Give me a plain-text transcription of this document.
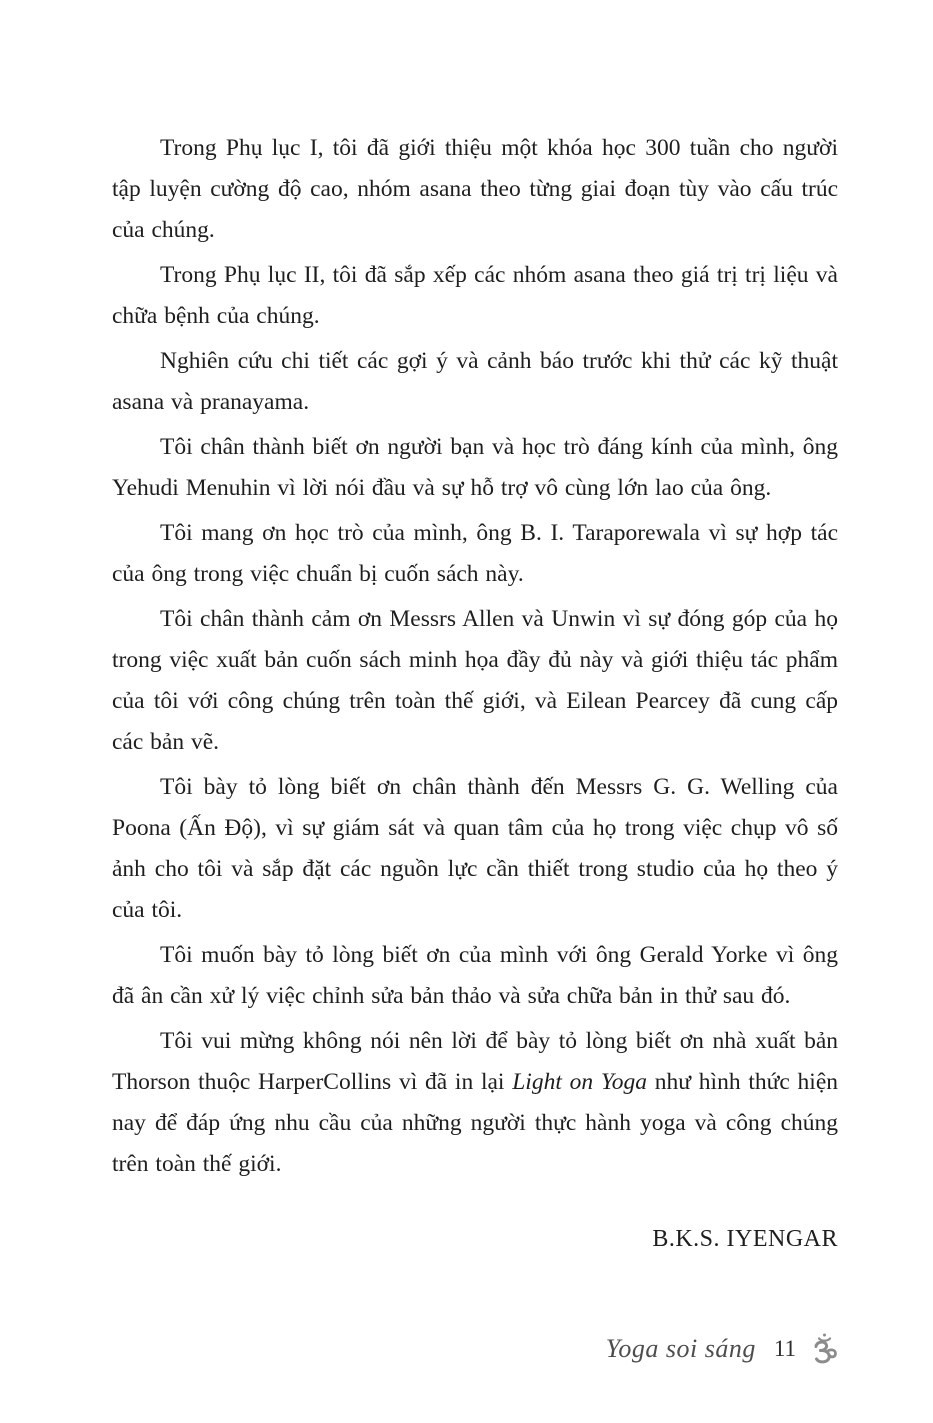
Trong Phụ lục I, tôi đã giới thiệu một khóa học 300 tuần cho người tập luyện cường độ cao, nhóm asana theo từng giai đoạn tùy vào cấu trúc của chúng.

Trong Phụ lục II, tôi đã sắp xếp các nhóm asana theo giá trị trị liệu và chữa bệnh của chúng.

Nghiên cứu chi tiết các gợi ý và cảnh báo trước khi thử các kỹ thuật asana và pranayama.

Tôi chân thành biết ơn người bạn và học trò đáng kính của mình, ông Yehudi Menuhin vì lời nói đầu và sự hỗ trợ vô cùng lớn lao của ông.

Tôi mang ơn học trò của mình, ông B. I. Taraporewala vì sự hợp tác của ông trong việc chuẩn bị cuốn sách này.

Tôi chân thành cảm ơn Messrs Allen và Unwin vì sự đóng góp của họ trong việc xuất bản cuốn sách minh họa đầy đủ này và giới thiệu tác phẩm của tôi với công chúng trên toàn thế giới, và Eilean Pearcey đã cung cấp các bản vẽ.

Tôi bày tỏ lòng biết ơn chân thành đến Messrs G. G. Welling của Poona (Ấn Độ), vì sự giám sát và quan tâm của họ trong việc chụp vô số ảnh cho tôi và sắp đặt các nguồn lực cần thiết trong studio của họ theo ý của tôi.

Tôi muốn bày tỏ lòng biết ơn của mình với ông Gerald Yorke vì ông đã ân cần xử lý việc chỉnh sửa bản thảo và sửa chữa bản in thử sau đó.

Tôi vui mừng không nói nên lời để bày tỏ lòng biết ơn nhà xuất bản Thorson thuộc HarperCollins vì đã in lại Light on Yoga như hình thức hiện nay để đáp ứng nhu cầu của những người thực hành yoga và công chúng trên toàn thế giới.

B.K.S. IYENGAR
Yoga soi sáng 11
